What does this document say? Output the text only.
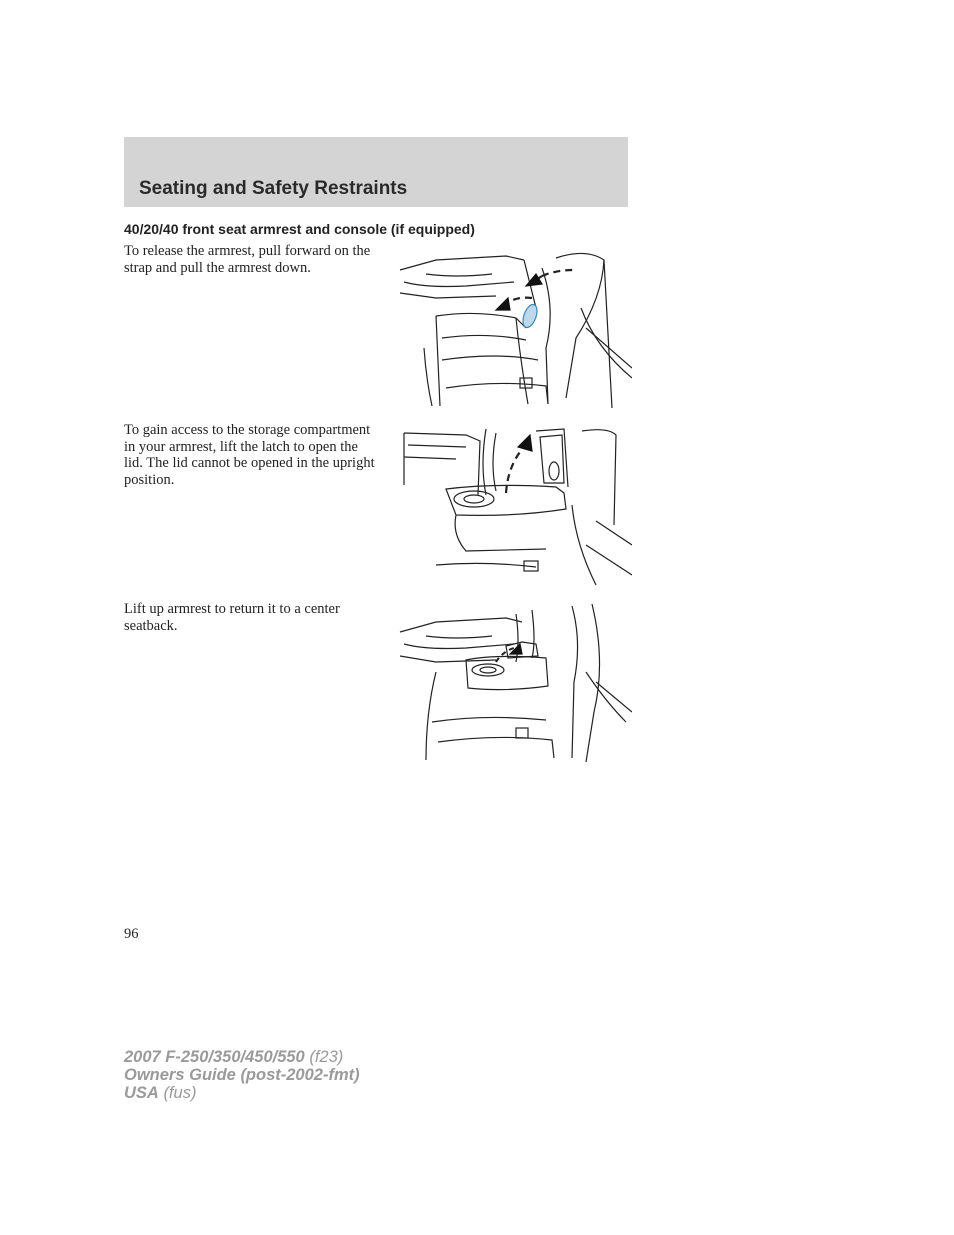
Seating and Safety Restraints
40/20/40 front seat armrest and console (if equipped)

To release the armrest, pull forward on the strap and pull the armrest down.

To gain access to the storage compartment in your armrest, lift the latch to open the lid. The lid cannot be opened in the upright position.

Lift up armrest to return it to a center seatback.

96
2007 F-250/350/450/550 (f23)
Owners Guide (post-2002-fmt)
USA (fus)
